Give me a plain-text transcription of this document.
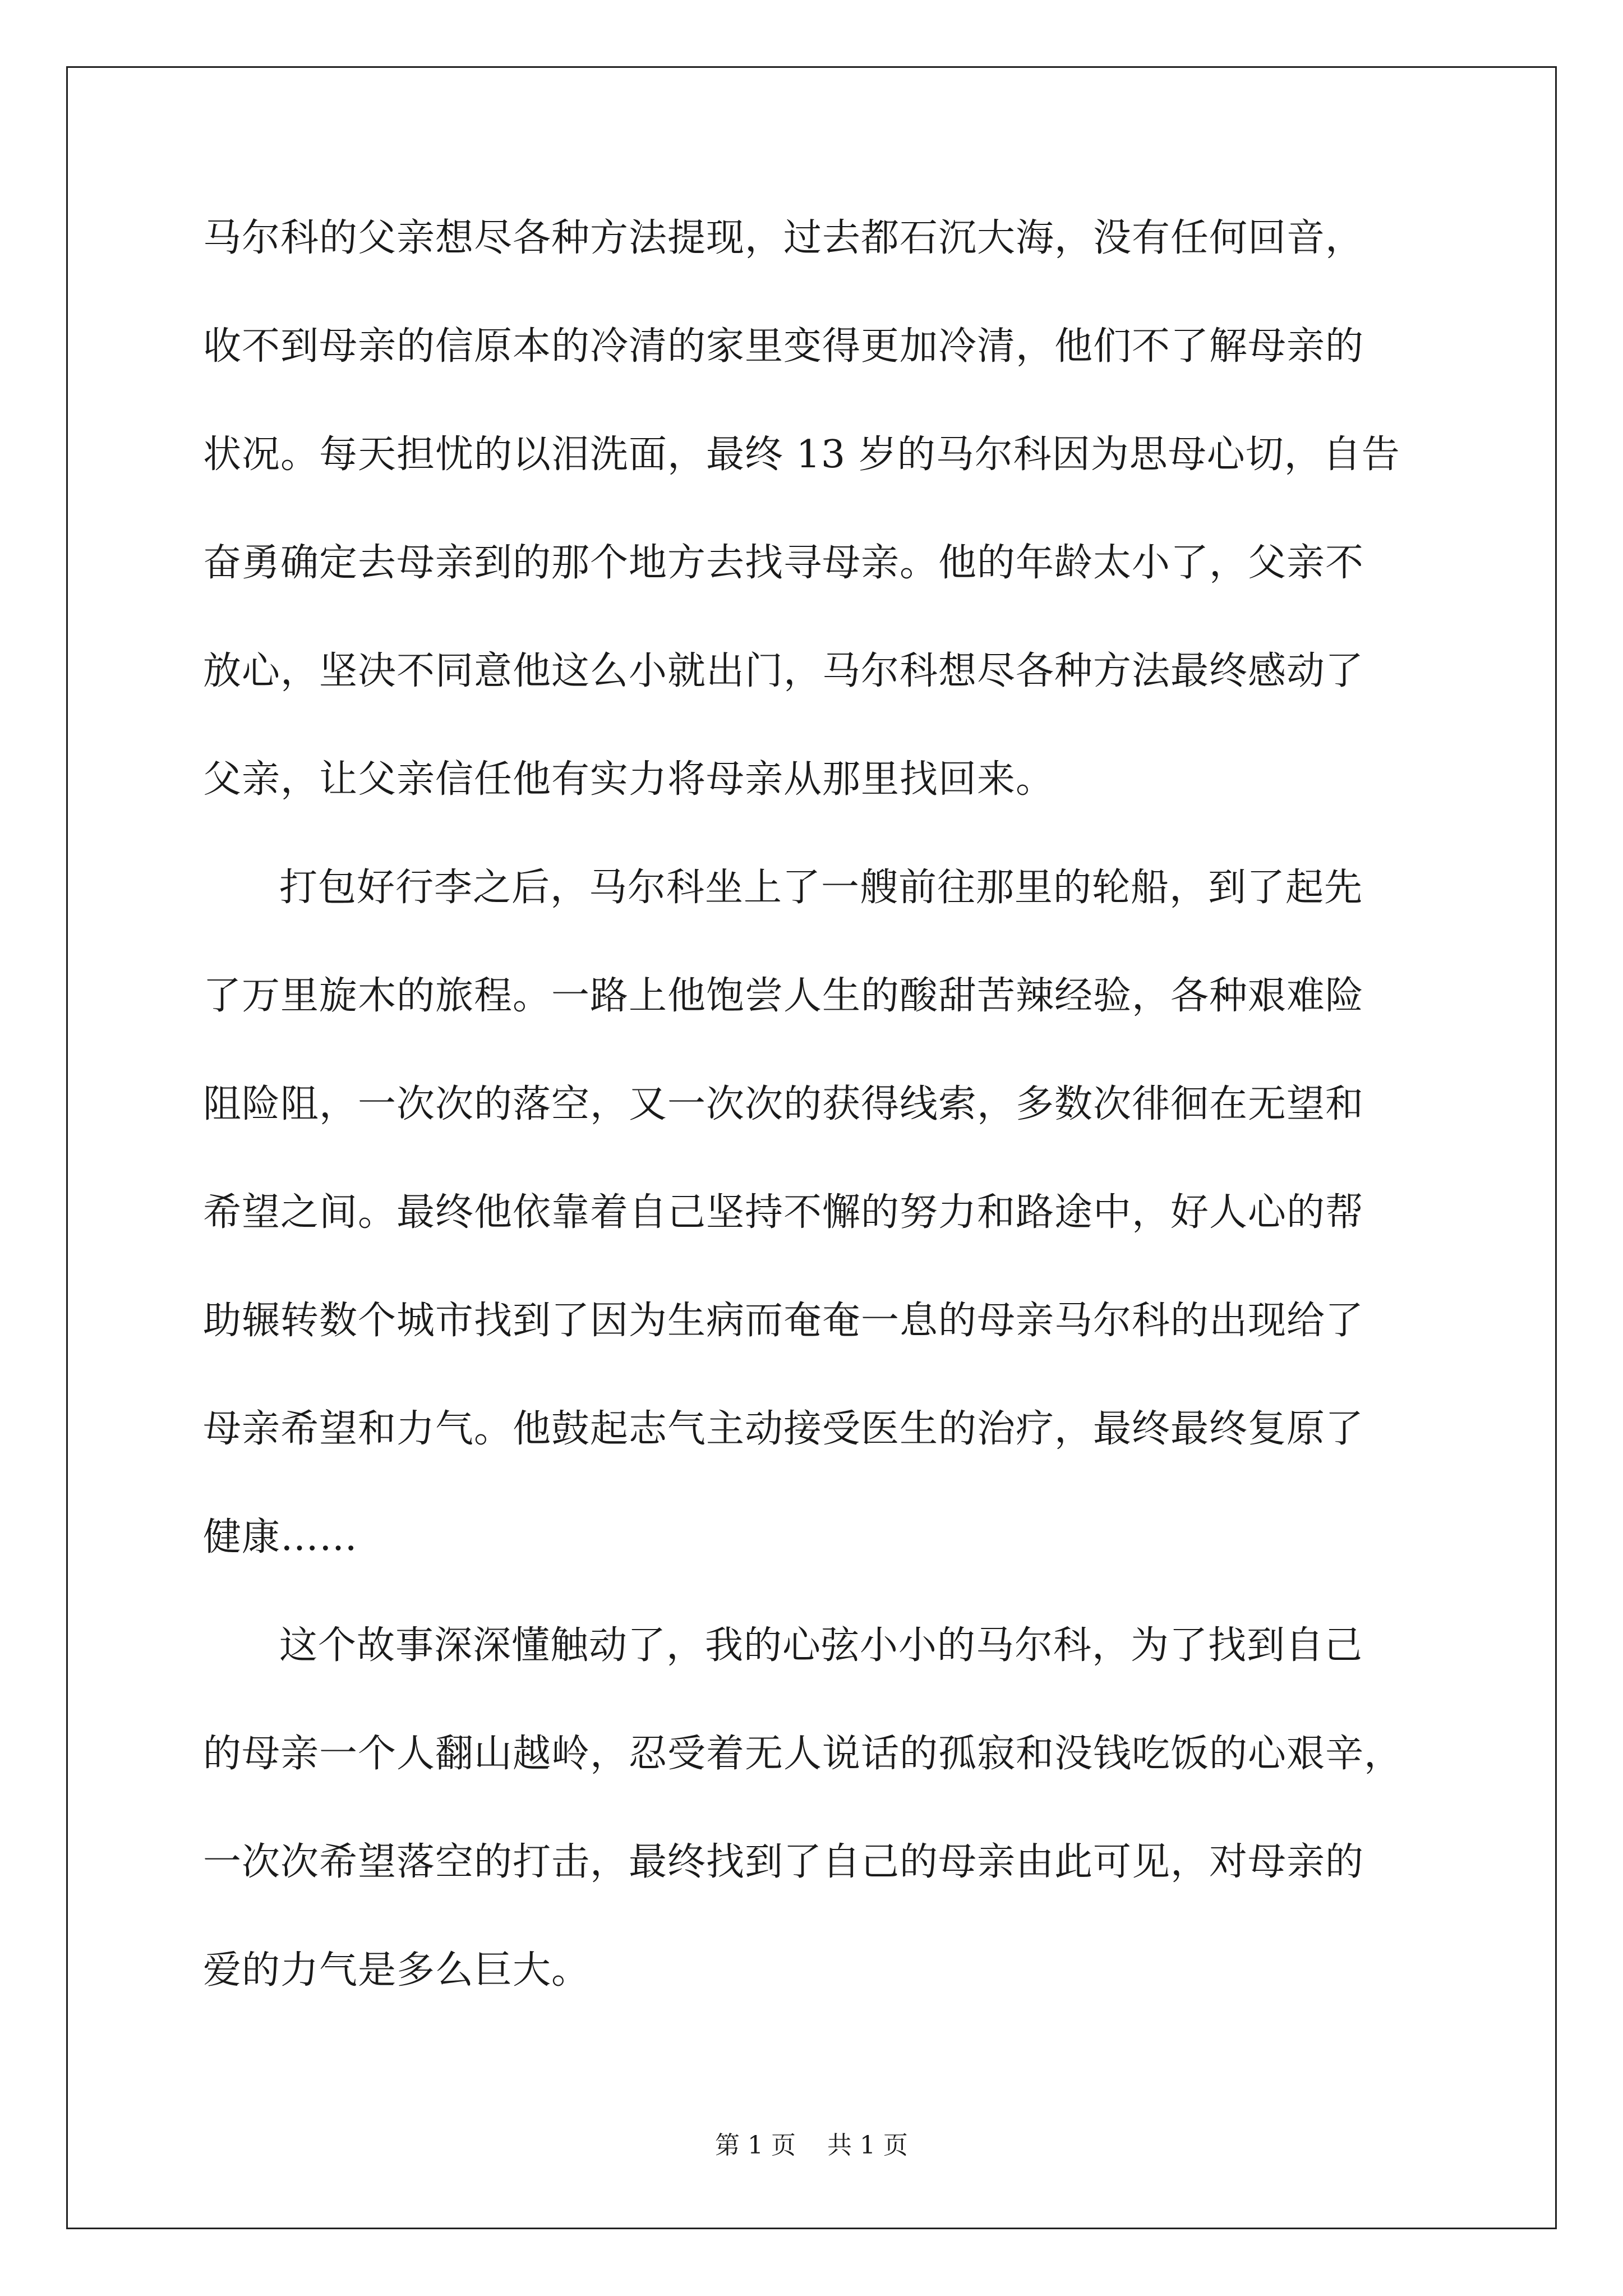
马尔科的父亲想尽各种方法提现，过去都石沉大海，没有任何回音，
收不到母亲的信原本的冷清的家里变得更加冷清，他们不了解母亲的
状况。每天担忧的以泪洗面，最终 13 岁的马尔科因为思母心切，自告
奋勇确定去母亲到的那个地方去找寻母亲。他的年龄太小了，父亲不
放心，坚决不同意他这么小就出门，马尔科想尽各种方法最终感动了
父亲，让父亲信任他有实力将母亲从那里找回来。
打包好行李之后，马尔科坐上了一艘前往那里的轮船，到了起先
了万里旋木的旅程。一路上他饱尝人生的酸甜苦辣经验，各种艰难险
阻险阻，一次次的落空，又一次次的获得线索，多数次徘徊在无望和
希望之间。最终他依靠着自己坚持不懈的努力和路途中，好人心的帮
助辗转数个城市找到了因为生病而奄奄一息的母亲马尔科的出现给了
母亲希望和力气。他鼓起志气主动接受医生的治疗，最终最终复原了
健康……
这个故事深深懂触动了，我的心弦小小的马尔科，为了找到自己
的母亲一个人翻山越岭，忍受着无人说话的孤寂和没钱吃饭的心艰辛，
一次次希望落空的打击，最终找到了自己的母亲由此可见，对母亲的
爱的力气是多么巨大。
第 1 页    共 1 页
